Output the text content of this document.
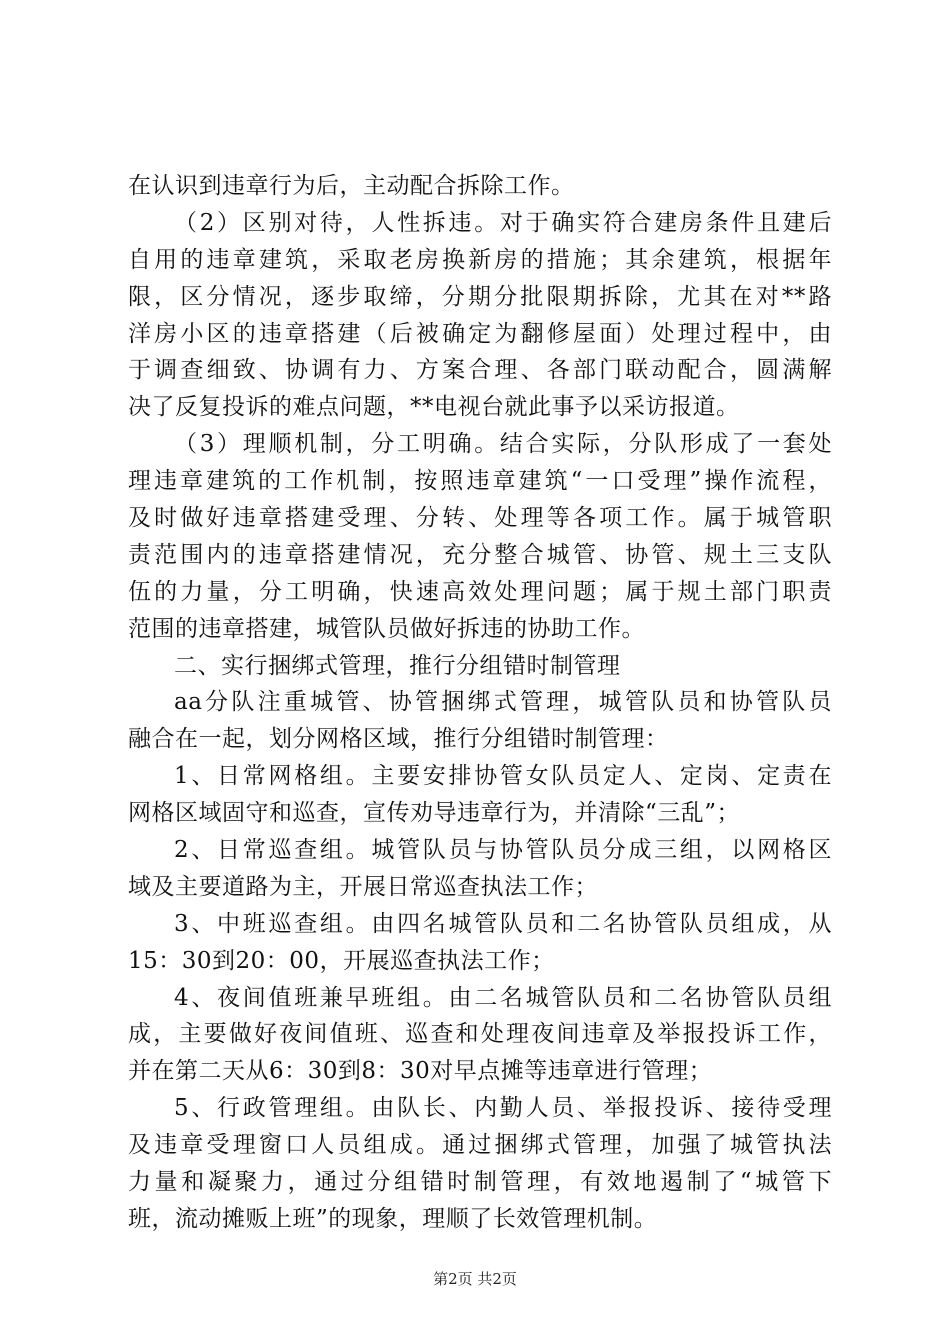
在认识到违章行为后，主动配合拆除工作。
（2）区别对待，人性拆违。对于确实符合建房条件且建后
自用的违章建筑，采取老房换新房的措施；其余建筑，根据年
限，区分情况，逐步取缔，分期分批限期拆除，尤其在对**路
洋房小区的违章搭建（后被确定为翻修屋面）处理过程中，由
于调查细致、协调有力、方案合理、各部门联动配合，圆满解
决了反复投诉的难点问题，**电视台就此事予以采访报道。
（3）理顺机制，分工明确。结合实际，分队形成了一套处
理违章建筑的工作机制，按照违章建筑“一口受理”操作流程，
及时做好违章搭建受理、分转、处理等各项工作。属于城管职
责范围内的违章搭建情况，充分整合城管、协管、规土三支队
伍的力量，分工明确，快速高效处理问题；属于规土部门职责
范围的违章搭建，城管队员做好拆违的协助工作。
二、实行捆绑式管理，推行分组错时制管理
aa分队注重城管、协管捆绑式管理，城管队员和协管队员
融合在一起，划分网格区域，推行分组错时制管理：
1、日常网格组。主要安排协管女队员定人、定岗、定责在
网格区域固守和巡查，宣传劝导违章行为，并清除“三乱”；
2、日常巡查组。城管队员与协管队员分成三组，以网格区
域及主要道路为主，开展日常巡查执法工作；
3、中班巡查组。由四名城管队员和二名协管队员组成，从
15：30到20：00，开展巡查执法工作；
4、夜间值班兼早班组。由二名城管队员和二名协管队员组
成，主要做好夜间值班、巡查和处理夜间违章及举报投诉工作，
并在第二天从6：30到8：30对早点摊等违章进行管理；
5、行政管理组。由队长、内勤人员、举报投诉、接待受理
及违章受理窗口人员组成。通过捆绑式管理，加强了城管执法
力量和凝聚力，通过分组错时制管理，有效地遏制了“城管下
班，流动摊贩上班”的现象，理顺了长效管理机制。
第2页 共2页
